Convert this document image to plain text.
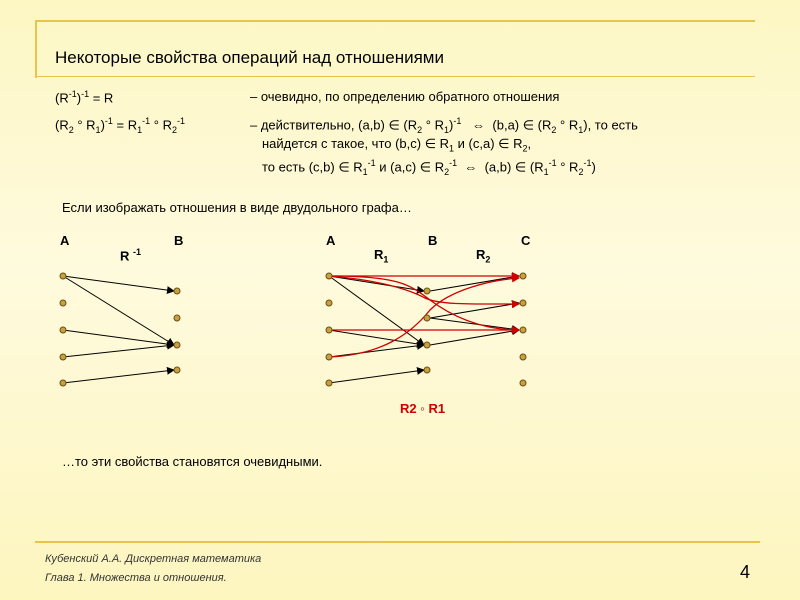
Некоторые свойства операций над отношениями
$(R^{-1})^{-1} = R$	– очевидно, по определению обратного отношения
($R_2$ ° $R_1)^{-1} = R_1^{-1}$ ° $R_2^{-1}$	– действительно, (a,b) ∈ ($R_2$ ° $R_1)^{-1}$   ⇔  (b,a) ∈ ($R_2$ ° $R_1$), то есть
найдется с такое, что (b,c) ∈ $R_1$ и (c,a) ∈ $R_2$,
то есть (c,b) ∈ $R_1^{-1}$ и (a,c) ∈ $R_2^{-1}$  ⇔  (a,b) ∈ ($R_1^{-1}$ ° $R_2^{-1}$)
Если изображать отношения в виде двудольного графа…
A	B
R $^{-1}$
A	B	C
$R_1$	$R_2$
R2 ◦ R1
…то эти свойства становятся очевидными.
Кубенский А.А. Дискретная математика
Глава 1. Множества и отношения.	4
